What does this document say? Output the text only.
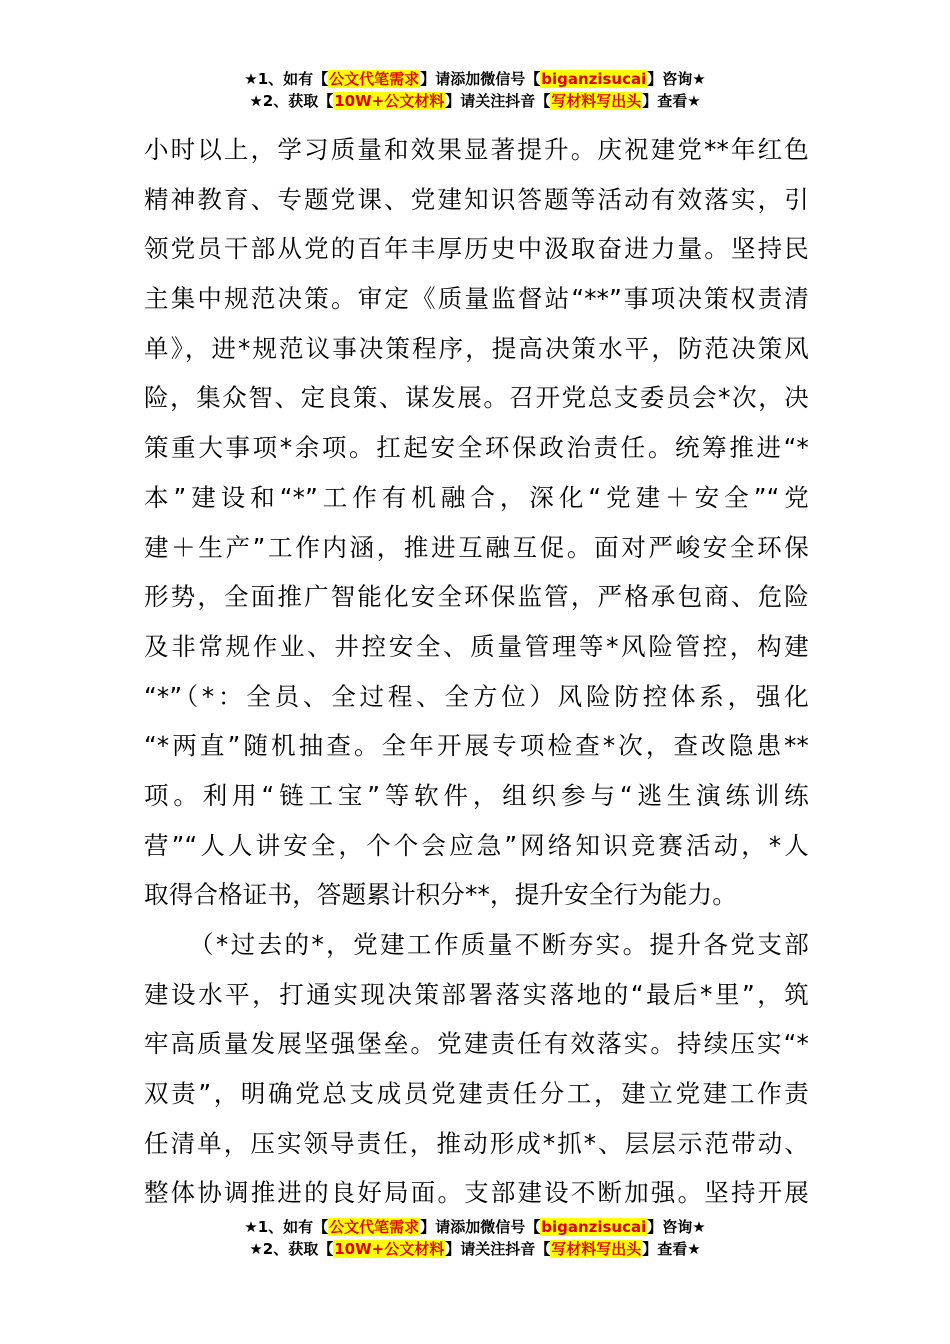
★1、如有【公文代笔需求】请添加微信号【biganzisucai】咨询★
★2、获取【10W+公文材料】请关注抖音【写材料写出头】查看★
小时以上，学习质量和效果显著提升。庆祝建党**年红色
精神教育、专题党课、党建知识答题等活动有效落实，引
领党员干部从党的百年丰厚历史中汲取奋进力量。坚持民
主集中规范决策。审定《质量监督站“**”事项决策权责清
单》，进*规范议事决策程序，提高决策水平，防范决策风
险，集众智、定良策、谋发展。召开党总支委员会*次，决
策重大事项*余项。扛起安全环保政治责任。统筹推进“*
本”建设和“*”工作有机融合，深化“党建＋安全”“党
建＋生产”工作内涵，推进互融互促。面对严峻安全环保
形势，全面推广智能化安全环保监管，严格承包商、危险
及非常规作业、井控安全、质量管理等*风险管控，构建
“*”（*：全员、全过程、全方位）风险防控体系，强化
“*两直”随机抽查。全年开展专项检查*次，查改隐患**
项。利用“链工宝”等软件，组织参与“逃生演练训练
营”“人人讲安全，个个会应急”网络知识竞赛活动，*人
取得合格证书，答题累计积分**，提升安全行为能力。
（*过去的*，党建工作质量不断夯实。提升各党支部
建设水平，打通实现决策部署落实落地的“最后*里”，筑
牢高质量发展坚强堡垒。党建责任有效落实。持续压实“*
双责”，明确党总支成员党建责任分工，建立党建工作责
任清单，压实领导责任，推动形成*抓*、层层示范带动、
整体协调推进的良好局面。支部建设不断加强。坚持开展
★1、如有【公文代笔需求】请添加微信号【biganzisucai】咨询★
★2、获取【10W+公文材料】请关注抖音【写材料写出头】查看★
